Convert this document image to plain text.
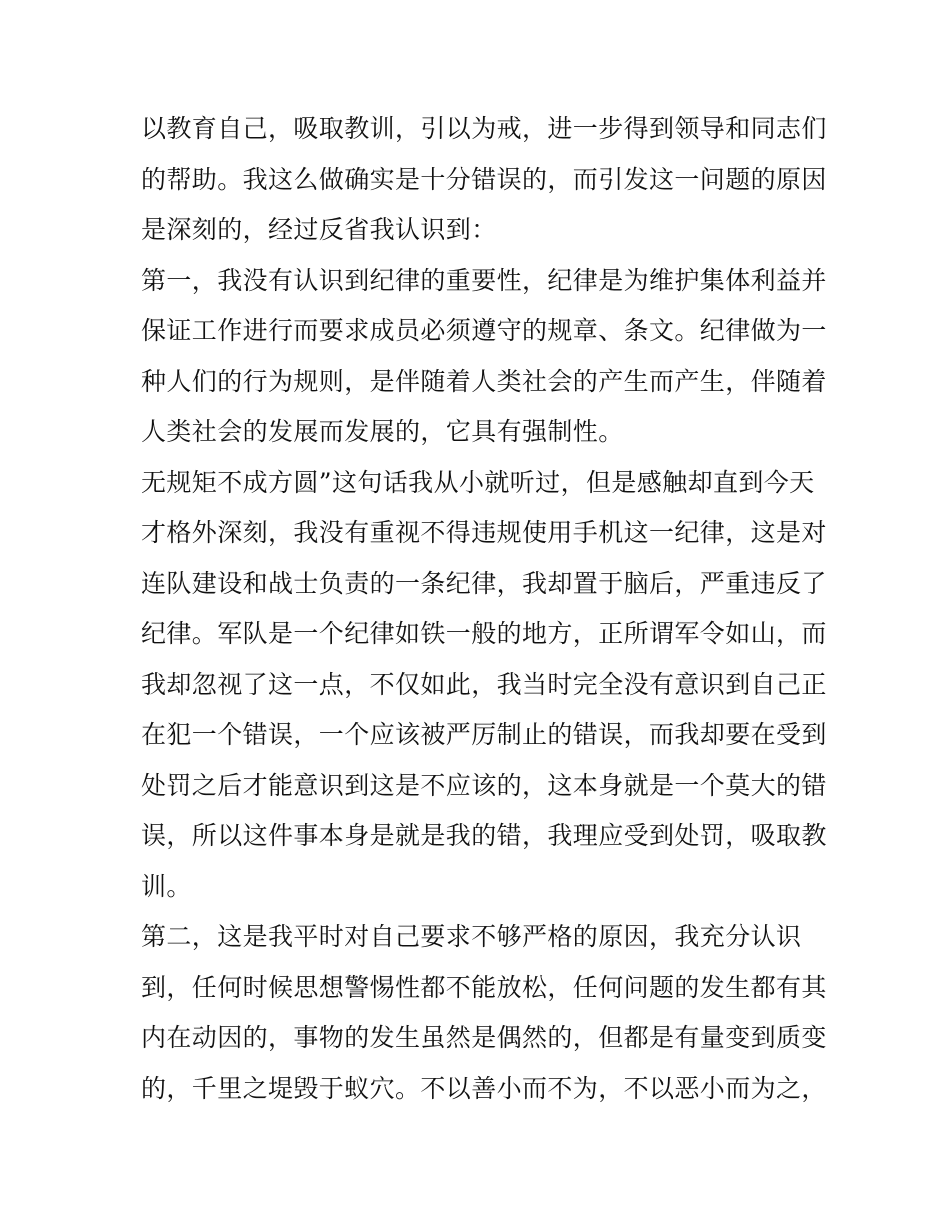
以教育自己，吸取教训，引以为戒，进一步得到领导和同志们
的帮助。我这么做确实是十分错误的，而引发这一问题的原因
是深刻的，经过反省我认识到：
第一，我没有认识到纪律的重要性，纪律是为维护集体利益并
保证工作进行而要求成员必须遵守的规章、条文。纪律做为一
种人们的行为规则，是伴随着人类社会的产生而产生，伴随着
人类社会的发展而发展的，它具有强制性。
无规矩不成方圆”这句话我从小就听过，但是感触却直到今天
才格外深刻，我没有重视不得违规使用手机这一纪律，这是对
连队建设和战士负责的一条纪律，我却置于脑后，严重违反了
纪律。军队是一个纪律如铁一般的地方，正所谓军令如山，而
我却忽视了这一点，不仅如此，我当时完全没有意识到自己正
在犯一个错误，一个应该被严厉制止的错误，而我却要在受到
处罚之后才能意识到这是不应该的，这本身就是一个莫大的错
误，所以这件事本身是就是我的错，我理应受到处罚，吸取教
训。
第二，这是我平时对自己要求不够严格的原因，我充分认识
到，任何时候思想警惕性都不能放松，任何问题的发生都有其
内在动因的，事物的发生虽然是偶然的，但都是有量变到质变
的，千里之堤毁于蚁穴。不以善小而不为，不以恶小而为之，
